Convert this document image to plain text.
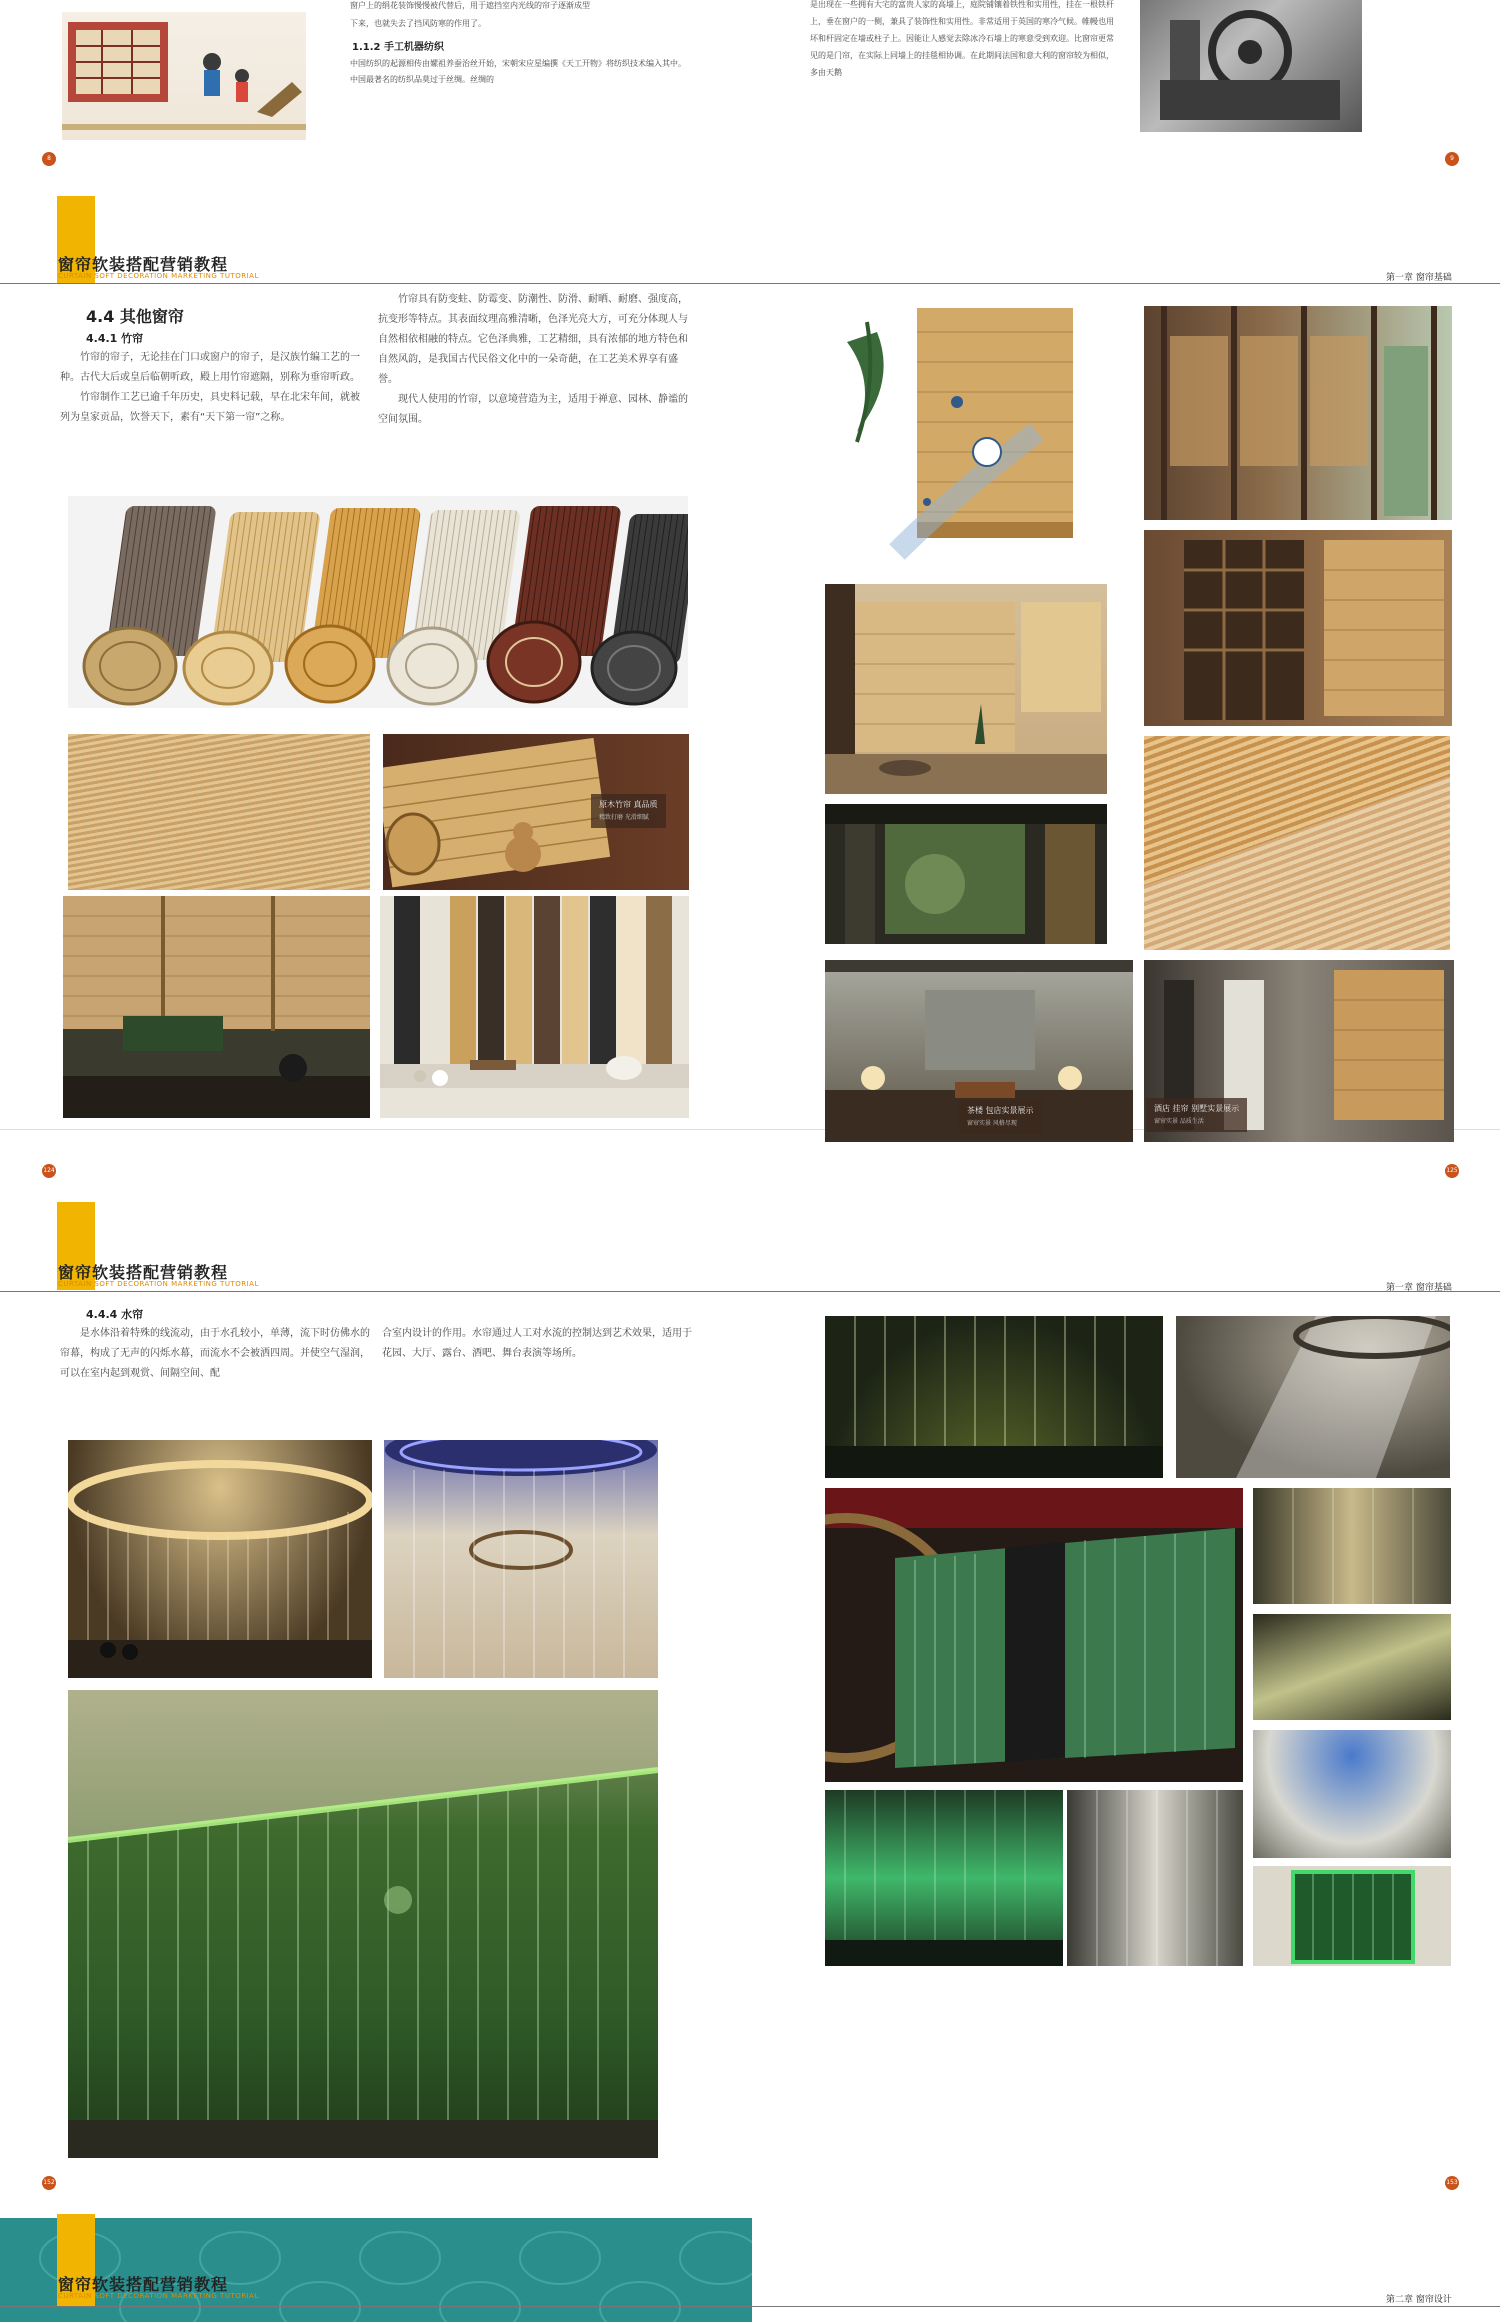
窗户上的绢花装饰慢慢被代替后，用于遮挡室内光线的帘子逐渐成型
下来，也就失去了挡风防寒的作用了。
1.1.2 手工机器纺织
中国纺织的起源相传由嫘祖养蚕治丝开始，宋朝宋应星编撰《天工开物》将纺织技术编入其中。中国最著名的纺织品莫过于丝绸。丝绸的
8
是出现在一些拥有大宅的富贵人家的高墙上，庭院铺镶着铁性和实用性，挂在一根铁杆上，垂在窗户的一侧，兼具了装饰性和实用性。非常适用于英国的寒冷气候。帷幔也用坏和杆固定在墙或柱子上。因能让人感觉去除冰冷石墙上的寒意受到欢迎。比窗帘更常见的是门帘，在实际上同墙上的挂毯相协调。在此期间法国和意大利的窗帘较为相似，多由天鹅
9
窗帘软装搭配营销教程
CURTAIN SOFT DECORATION MARKETING TUTORIAL	第一章 窗帘基础
4.4 其他窗帘
4.4.1 竹帘

竹帘的帘子，无论挂在门口或窗户的帘子，是汉族竹编工艺的一种。古代大后或皇后临朝听政，殿上用竹帘遮隔，别称为垂帘听政。

竹帘制作工艺已逾千年历史，具史料记载，早在北宋年间，就被列为皇家贡品，饮誉天下，素有“天下第一帘”之称。

竹帘具有防变蛀、防霉变、防潮性、防滑、耐晒、耐磨、强度高，抗变形等特点。其表面纹理高雅清晰，色泽光亮大方，可充分体现人与自然相依相融的特点。它色泽典雅，工艺精细，具有浓郁的地方特色和自然风韵，是我国古代民俗文化中的一朵奇葩，在工艺美术界享有盛誉。

现代人使用的竹帘，以意境营造为主，适用于禅意、园林、静谧的空间氛围。

原木竹帘 真品质
精致打磨 光滑细腻
124	125
茶楼 包店实景展示
窗帘实景 风格尽现
酒店 挂帘 别墅实景展示
窗帘实景 品质生活
窗帘软装搭配营销教程
CURTAIN SOFT DECORATION MARKETING TUTORIAL	第一章 窗帘基础
4.4.4 水帘
是水体沿着特殊的线流动，由于水孔较小，单薄，流下时仿佛水的帘幕，构成了无声的闪烁水幕，而流水不会被洒四周。并使空气湿润，可以在室内起到观赏、间隔空间、配
合室内设计的作用。水帘通过人工对水流的控制达到艺术效果，适用于花园、大厅、露台、酒吧、舞台表演等场所。
152	153
窗帘软装搭配营销教程
CURTAIN SOFT DECORATION MARKETING TUTORIAL	第二章 窗帘设计
